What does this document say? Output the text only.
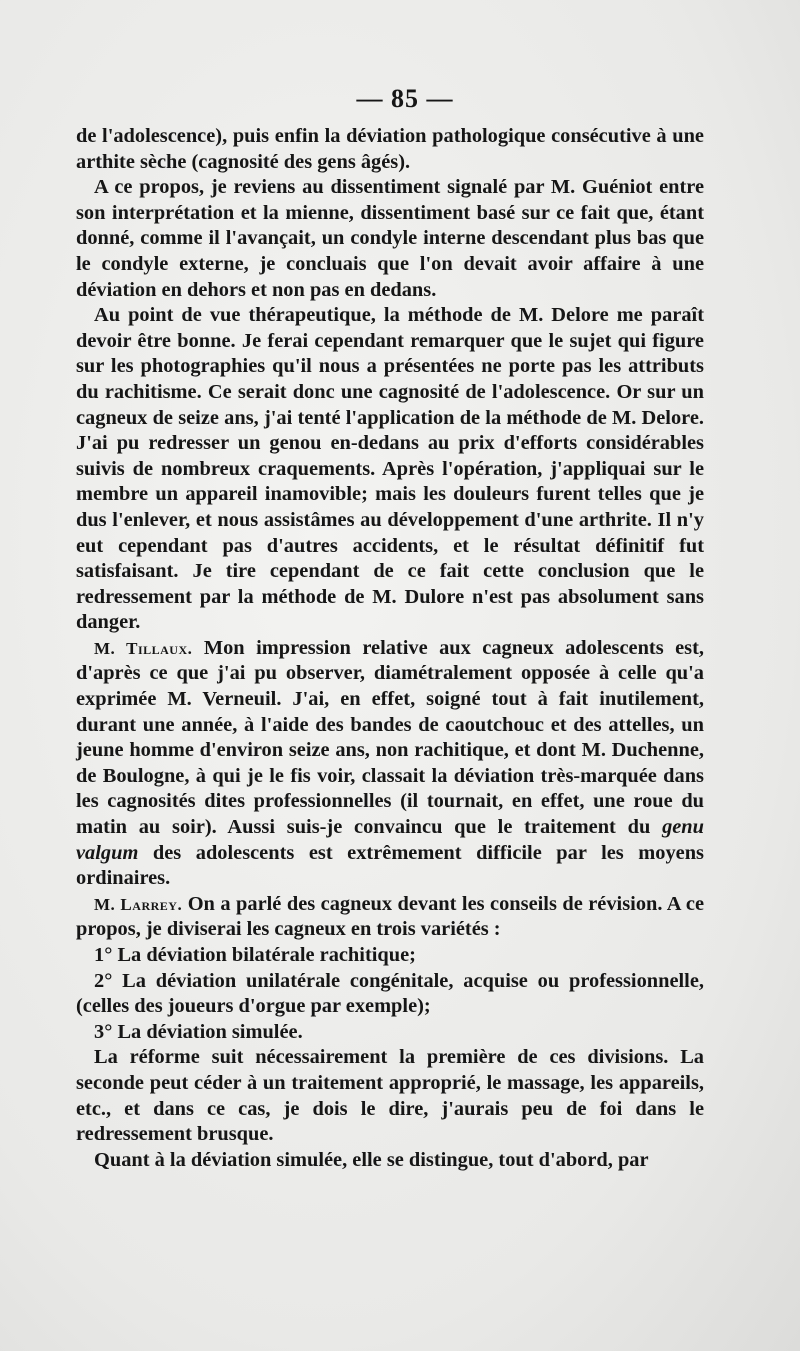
— 85 —

de l'adolescence), puis enfin la déviation pathologique consécutive à une arthite sèche (cagnosité des gens âgés).

A ce propos, je reviens au dissentiment signalé par M. Guéniot entre son interprétation et la mienne, dissentiment basé sur ce fait que, étant donné, comme il l'avançait, un condyle interne descendant plus bas que le condyle externe, je concluais que l'on devait avoir affaire à une déviation en dehors et non pas en dedans.

Au point de vue thérapeutique, la méthode de M. Delore me paraît devoir être bonne. Je ferai cependant remarquer que le sujet qui figure sur les photographies qu'il nous a présentées ne porte pas les attributs du rachitisme. Ce serait donc une cagnosité de l'adolescence. Or sur un cagneux de seize ans, j'ai tenté l'application de la méthode de M. Delore. J'ai pu redresser un genou en-dedans au prix d'efforts considérables suivis de nombreux craquements. Après l'opération, j'appliquai sur le membre un appareil inamovible; mais les douleurs furent telles que je dus l'enlever, et nous assistâmes au développement d'une arthrite. Il n'y eut cependant pas d'autres accidents, et le résultat définitif fut satisfaisant. Je tire cependant de ce fait cette conclusion que le redressement par la méthode de M. Dulore n'est pas absolument sans danger.

M. Tillaux. Mon impression relative aux cagneux adolescents est, d'après ce que j'ai pu observer, diamétralement opposée à celle qu'a exprimée M. Verneuil. J'ai, en effet, soigné tout à fait inutilement, durant une année, à l'aide des bandes de caoutchouc et des attelles, un jeune homme d'environ seize ans, non rachitique, et dont M. Duchenne, de Boulogne, à qui je le fis voir, classait la déviation très-marquée dans les cagnosités dites professionnelles (il tournait, en effet, une roue du matin au soir). Aussi suis-je convaincu que le traitement du genu valgum des adolescents est extrêmement difficile par les moyens ordinaires.

M. Larrey. On a parlé des cagneux devant les conseils de révision. A ce propos, je diviserai les cagneux en trois variétés :

1° La déviation bilatérale rachitique;

2° La déviation unilatérale congénitale, acquise ou professionnelle, (celles des joueurs d'orgue par exemple);

3° La déviation simulée.

La réforme suit nécessairement la première de ces divisions. La seconde peut céder à un traitement approprié, le massage, les appareils, etc., et dans ce cas, je dois le dire, j'aurais peu de foi dans le redressement brusque.

Quant à la déviation simulée, elle se distingue, tout d'abord, par
